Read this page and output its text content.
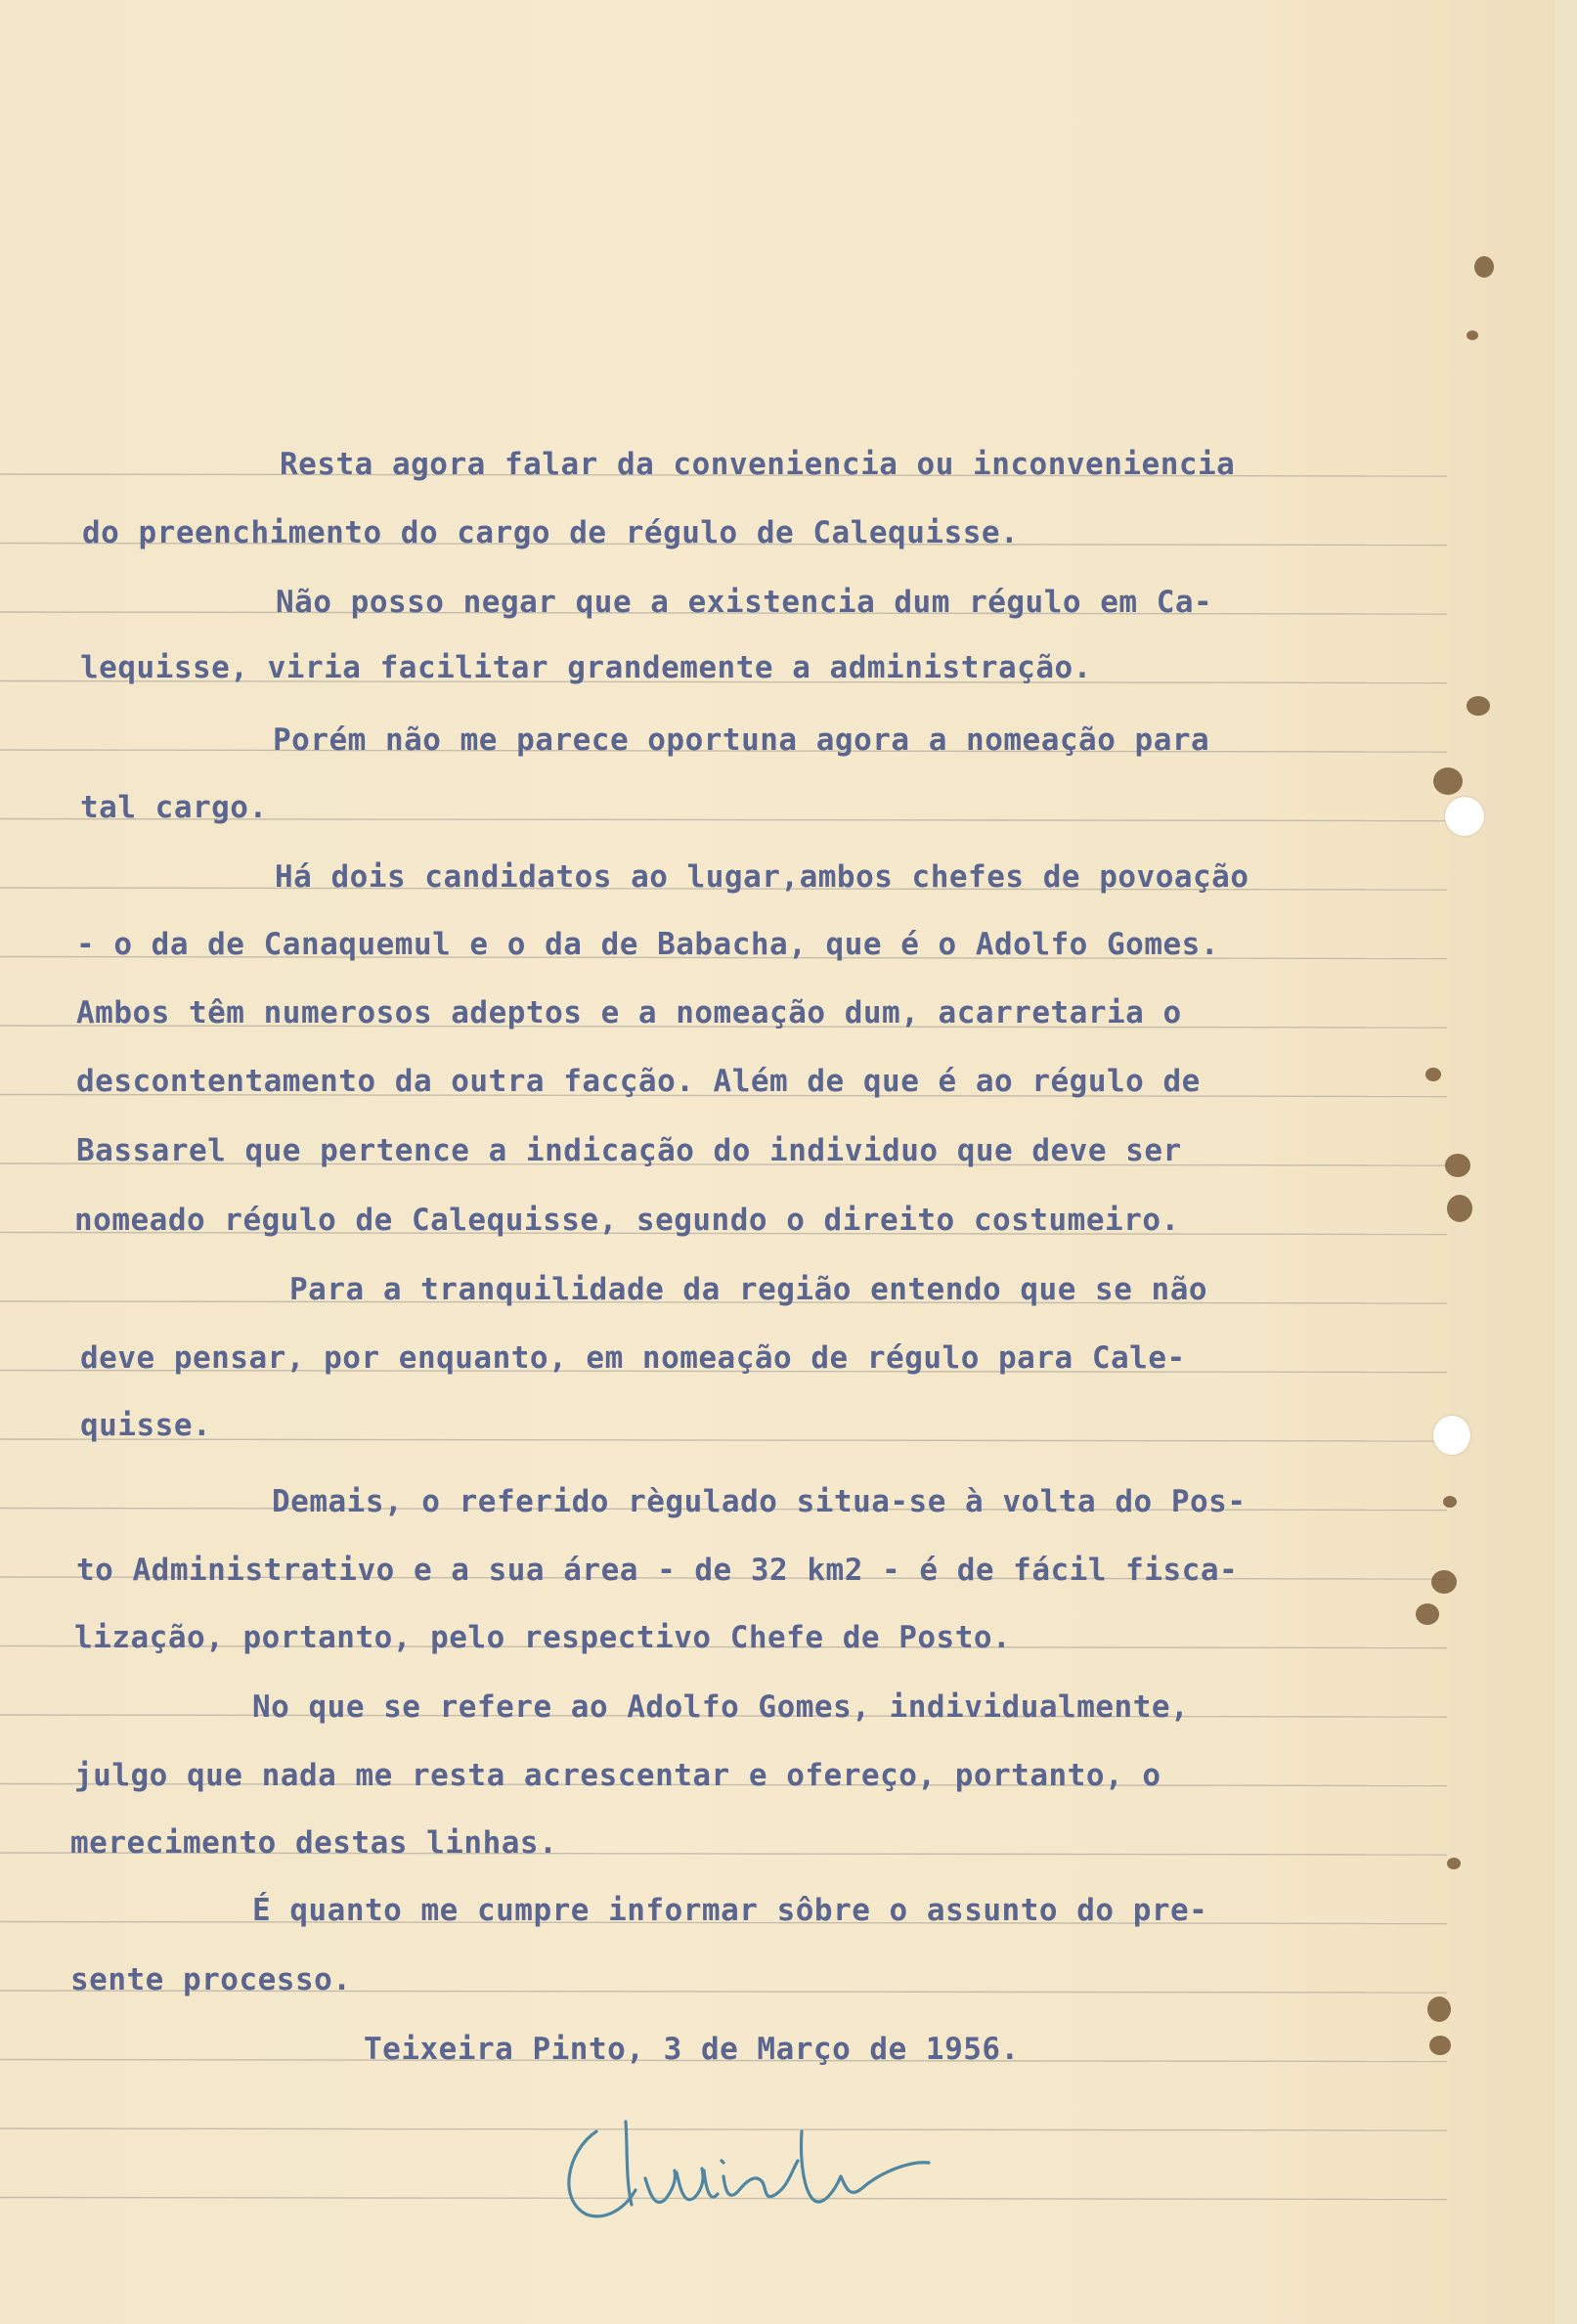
Resta agora falar da conveniencia ou inconveniencia
do preenchimento do cargo de régulo de Calequisse.
Não posso negar que a existencia dum régulo em Ca-
lequisse, viria facilitar grandemente a administração.
Porém não me parece oportuna agora a nomeação para
tal cargo.
Há dois candidatos ao lugar,ambos chefes de povoação
- o da de Canaquemul e o da de Babacha, que é o Adolfo Gomes.
Ambos têm numerosos adeptos e a nomeação dum, acarretaria o
descontentamento da outra facção. Além de que é ao régulo de
Bassarel que pertence a indicação do individuo que deve ser
nomeado régulo de Calequisse, segundo o direito costumeiro.
Para a tranquilidade da região entendo que se não
deve pensar, por enquanto, em nomeação de régulo para Cale-
quisse.
Demais, o referido règulado situa-se à volta do Pos-
to Administrativo e a sua área - de 32 km2 - é de fácil fisca-
lização, portanto, pelo respectivo Chefe de Posto.
No que se refere ao Adolfo Gomes, individualmente,
julgo que nada me resta acrescentar e ofereço, portanto, o
merecimento destas linhas.
É quanto me cumpre informar sôbre o assunto do pre-
sente processo.
Teixeira Pinto, 3 de Março de 1956.
